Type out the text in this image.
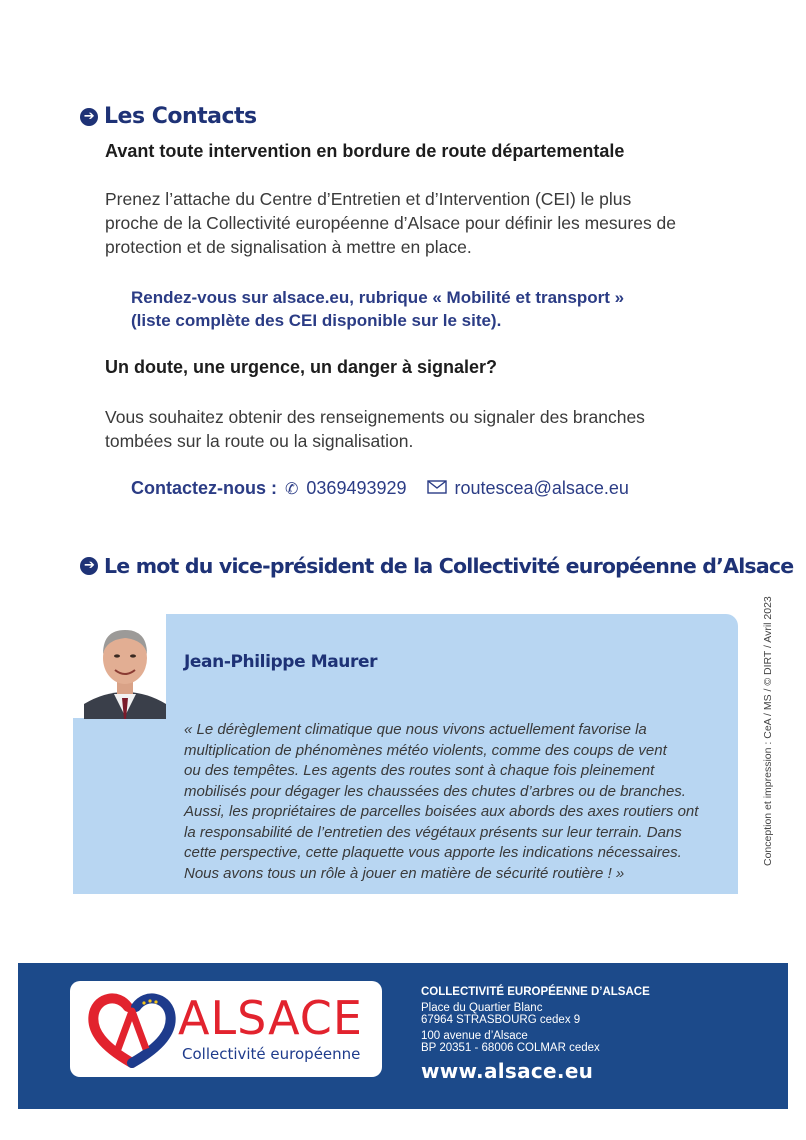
➔ Les Contacts
Avant toute intervention en bordure de route départementale
Prenez l’attache du Centre d’Entretien et d’Intervention (CEI) le plus
proche de la Collectivité européenne d’Alsace pour définir les mesures de
protection et de signalisation à mettre en place.
Rendez-vous sur alsace.eu, rubrique « Mobilité et transport »
(liste complète des CEI disponible sur le site).
Un doute, une urgence, un danger à signaler?
Vous souhaitez obtenir des renseignements ou signaler des branches
tombées sur la route ou la signalisation.
Contactez-nous : ✆ 0369493929	routescea@alsace.eu
➔ Le mot du vice-président de la Collectivité européenne d’Alsace
Jean-Philippe Maurer
« Le dérèglement climatique que nous vivons actuellement favorise la
multiplication de phénomènes météo violents, comme des coups de vent
ou des tempêtes. Les agents des routes sont à chaque fois pleinement
mobilisés pour dégager les chaussées des chutes d’arbres ou de branches.
Aussi, les propriétaires de parcelles boisées aux abords des axes routiers ont
la responsabilité de l’entretien des végétaux présents sur leur terrain. Dans
cette perspective, cette plaquette vous apporte les indications nécessaires.
Nous avons tous un rôle à jouer en matière de sécurité routière ! »
Conception et impression : CeA / MS / © DIRT / Avril 2023
ALSACE
Collectivité européenne
COLLECTIVITÉ EUROPÉENNE D’ALSACE
Place du Quartier Blanc
67964 STRASBOURG cedex 9
100 avenue d’Alsace
BP 20351 - 68006 COLMAR cedex
www.alsace.eu
